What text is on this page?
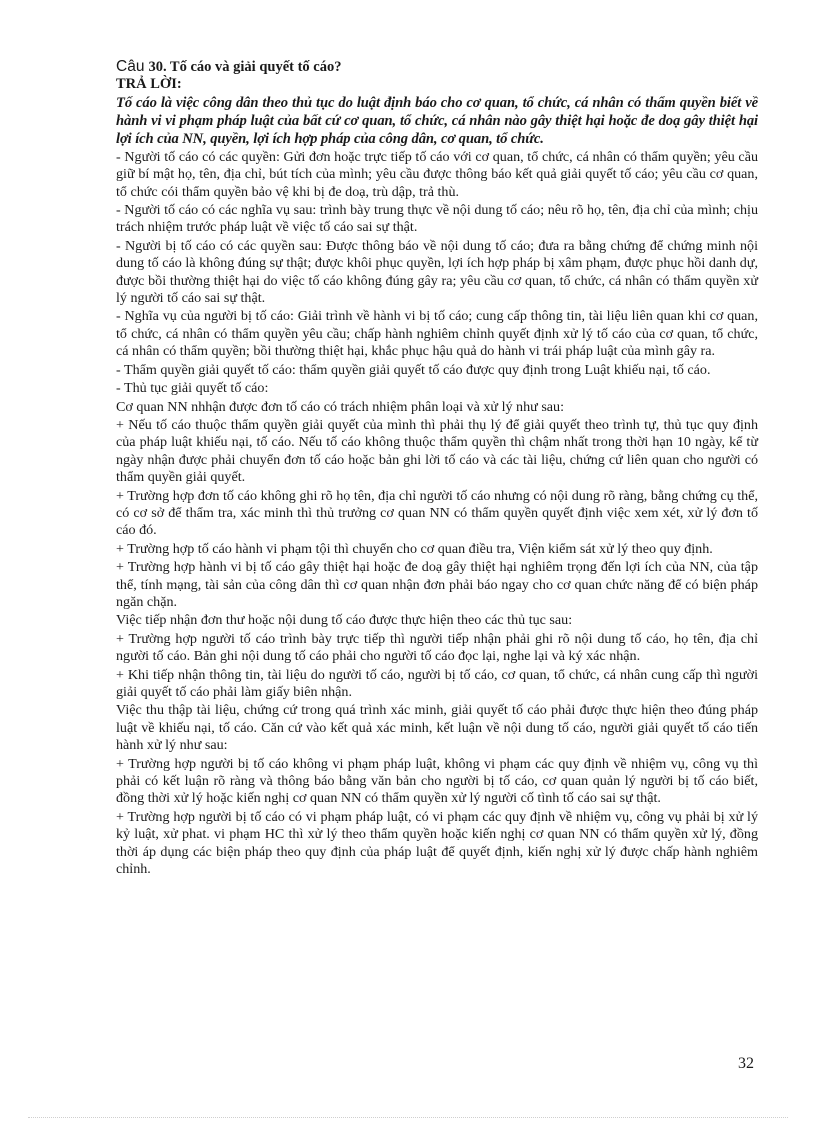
Câu 30. Tố cáo và giải quyết tố cáo?
TRẢ LỜI:
Tố cáo là việc công dân theo thủ tục do luật định báo cho cơ quan, tổ chức, cá nhân có thẩm quyền biết về hành vi vi phạm pháp luật của bất cứ cơ quan, tổ chức, cá nhân nào gây thiệt hại hoặc đe doạ gây thiệt hại lợi ích của NN, quyền, lợi ích hợp pháp của công dân, cơ quan, tổ chức.
- Người tố cáo có các quyền: Gửi đơn hoặc trực tiếp tố cáo với cơ quan, tổ chức, cá nhân có thẩm quyền; yêu cầu giữ bí mật họ, tên, địa chỉ, bút tích của mình; yêu cầu được thông báo kết quả giải quyết tố cáo; yêu cầu cơ quan, tổ chức cói thẩm quyền bảo vệ khi bị đe doạ, trù dập, trả thù.
- Người tố cáo có các nghĩa vụ sau: trình bày trung thực về nội dung tố cáo; nêu rõ họ, tên, địa chỉ của mình; chịu trách nhiệm trước pháp luật về việc tố cáo sai sự thật.
- Người bị tố cáo có các quyền sau: Được thông báo về nội dung tố cáo; đưa ra bằng chứng để chứng minh nội dung tố cáo là không đúng sự thật; được khôi phục quyền, lợi ích hợp pháp bị xâm phạm, được phục hồi danh dự, được bồi thường thiệt hại do việc tố cáo không đúng gây ra; yêu cầu cơ quan, tổ chức, cá nhân có thẩm quyền xử lý người tố cáo sai sự thật.
- Nghĩa vụ của người bị tố cáo: Giải trình về hành vi bị tố cáo; cung cấp thông tin, tài liệu liên quan khi cơ quan, tổ chức, cá nhân có thẩm quyền yêu cầu; chấp hành nghiêm chỉnh quyết định xử lý tố cáo của cơ quan, tổ chức, cá nhân có thẩm quyền; bồi thường thiệt hại, khắc phục hậu quả do hành vi trái pháp luật của mình gây ra.
- Thẩm quyền giải quyết tố cáo: thẩm quyền giải quyết tố cáo được quy định trong Luật khiếu nại, tố cáo.
- Thủ tục giải quyết tố cáo:
Cơ quan NN nhhận được đơn tố cáo có trách nhiệm phân loại và xử lý như sau:
+ Nếu tố cáo thuộc thẩm quyền giải quyết của mình thì phải thụ lý để giải quyết theo trình tự, thủ tục quy định của pháp luật khiếu nại, tố cáo. Nếu tố cáo không thuộc thẩm quyền thì chậm nhất trong thời hạn 10 ngày, kể từ ngày nhận được phải chuyển đơn tố cáo hoặc bản ghi lời tố cáo và các tài liệu, chứng cứ liên quan cho người có thẩm quyền giải quyết.
+ Trường hợp đơn tố cáo không ghi rõ họ tên, địa chỉ người tố cáo nhưng có nội dung rõ ràng, bằng chứng cụ thể, có cơ sở để thẩm tra, xác minh thì thủ trưởng cơ quan NN có thẩm quyền quyết định việc xem xét, xử lý đơn tố cáo đó.
+ Trường hợp tố cáo hành vi phạm tội thì chuyển cho cơ quan điều tra, Viện kiểm sát xử lý theo quy định.
+ Trường hợp hành vi bị tố cáo gây thiệt hại hoặc đe doạ gây thiệt hại nghiêm trọng đến lợi ích của NN, của tập thể, tính mạng, tài sản của công dân thì cơ quan nhận đơn phải báo ngay cho cơ quan chức năng để có biện pháp ngăn chặn.
Việc tiếp nhận đơn thư hoặc nội dung tố cáo được thực hiện theo các thủ tục sau:
+ Trường hợp người tố cáo trình bày trực tiếp thì người tiếp nhận phải ghi rõ nội dung tố cáo, họ tên, địa chỉ người tố cáo. Bản ghi nội dung tố cáo phải cho người tố cáo đọc lại, nghe lại và ký xác nhận.
+ Khi tiếp nhận thông tin, tài liệu do người tố cáo, người bị tố cáo, cơ quan, tổ chức, cá nhân cung cấp thì người giải quyết tố cáo phải làm giấy biên nhận.
Việc thu thập tài liệu, chứng cứ trong quá trình xác minh, giải quyết tố cáo phải được thực hiện theo đúng pháp luật về khiếu nại, tố cáo. Căn cứ vào kết quả xác minh, kết luận về nội dung tố cáo, người giải quyết tố cáo tiến hành xử lý như sau:
+ Trường hợp người bị tố cáo không vi phạm pháp luật, không vi phạm các quy định về nhiệm vụ, công vụ thì phải có kết luận rõ ràng và thông báo bằng văn bản cho người bị tố cáo, cơ quan quản lý người bị tố cáo biết, đồng thời xử lý hoặc kiến nghị cơ quan NN có thẩm quyền xử lý người cố tình tố cáo sai sự thật.
+ Trường hợp người bị tố cáo có vi phạm pháp luật, có vi phạm các quy định về nhiệm vụ, công vụ phải bị xử lý kỷ luật, xử phat. vi phạm HC thì xử lý theo thẩm quyền hoặc kiến nghị cơ quan NN có thẩm quyền xử lý, đồng thời áp dụng các biện pháp theo quy định của pháp luật để quyết định, kiến nghị xử lý được chấp hành nghiêm chỉnh.
32
